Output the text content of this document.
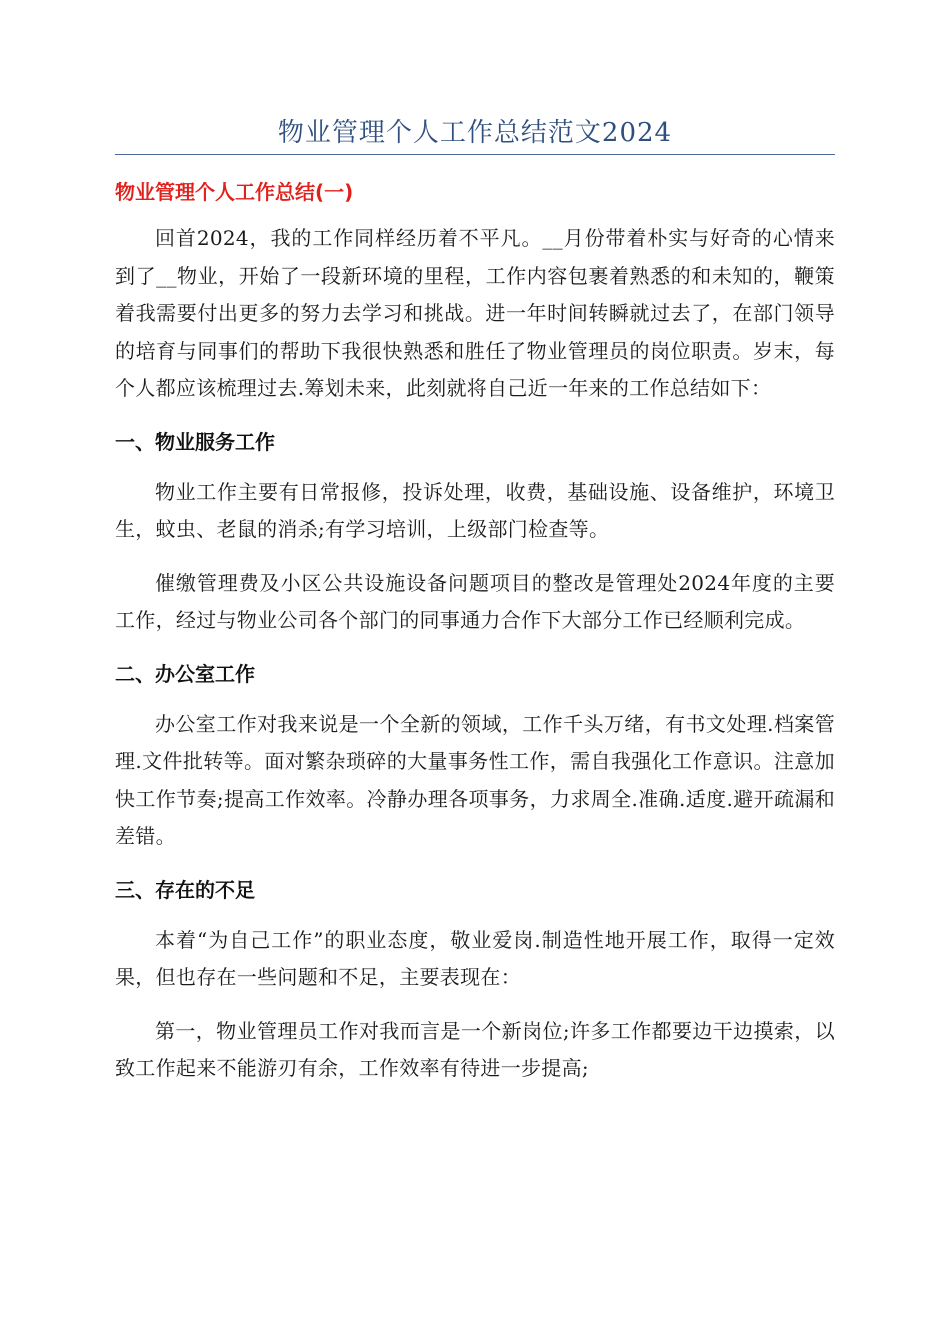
物业管理个人工作总结范文2024

物业管理个人工作总结(一)

回首2024，我的工作同样经历着不平凡。__月份带着朴实与好奇的心情来到了__物业，开始了一段新环境的里程，工作内容包裹着熟悉的和未知的，鞭策着我需要付出更多的努力去学习和挑战。进一年时间转瞬就过去了，在部门领导的培育与同事们的帮助下我很快熟悉和胜任了物业管理员的岗位职责。岁末，每个人都应该梳理过去.筹划未来，此刻就将自己近一年来的工作总结如下：

一、物业服务工作

物业工作主要有日常报修，投诉处理，收费，基础设施、设备维护，环境卫生，蚊虫、老鼠的消杀;有学习培训，上级部门检查等。

催缴管理费及小区公共设施设备问题项目的整改是管理处2024年度的主要工作，经过与物业公司各个部门的同事通力合作下大部分工作已经顺利完成。

二、办公室工作

办公室工作对我来说是一个全新的领域，工作千头万绪，有书文处理.档案管理.文件批转等。面对繁杂琐碎的大量事务性工作，需自我强化工作意识。注意加快工作节奏;提高工作效率。冷静办理各项事务，力求周全.准确.适度.避开疏漏和差错。

三、存在的不足

本着“为自己工作”的职业态度，敬业爱岗.制造性地开展工作，取得一定效果，但也存在一些问题和不足，主要表现在：

第一，物业管理员工作对我而言是一个新岗位;许多工作都要边干边摸索，以致工作起来不能游刃有余，工作效率有待进一步提高;
